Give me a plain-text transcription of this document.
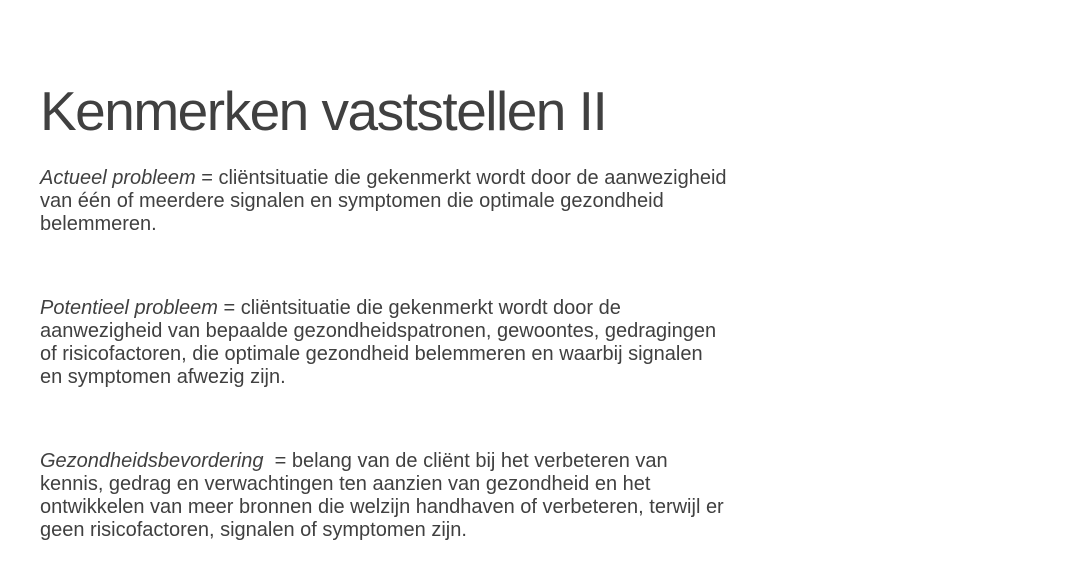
Kenmerken vaststellen II

Actueel probleem = cliëntsituatie die gekenmerkt wordt door de aanwezigheid van één of meerdere signalen en symptomen die optimale gezondheid belemmeren.

Potentieel probleem = cliëntsituatie die gekenmerkt wordt door de aanwezigheid van bepaalde gezondheidspatronen, gewoontes, gedragingen of risicofactoren, die optimale gezondheid belemmeren en waarbij signalen en symptomen afwezig zijn.

Gezondheidsbevordering  = belang van de cliënt bij het verbeteren van kennis, gedrag en verwachtingen ten aanzien van gezondheid en het ontwikkelen van meer bronnen die welzijn handhaven of verbeteren, terwijl er geen risicofactoren, signalen of symptomen zijn.
